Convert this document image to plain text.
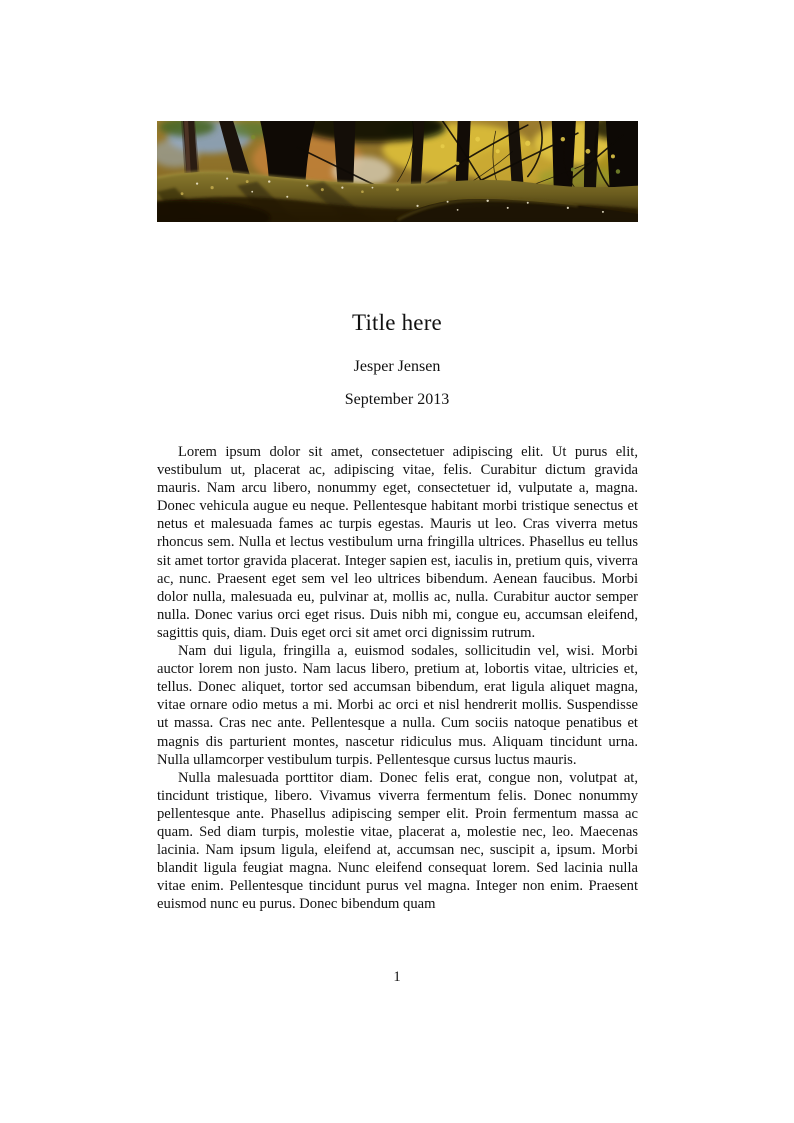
Title here
Jesper Jensen
September 2013

Lorem ipsum dolor sit amet, consectetuer adipiscing elit. Ut purus elit, vestibulum ut, placerat ac, adipiscing vitae, felis. Curabitur dictum gravida mauris. Nam arcu libero, nonummy eget, consectetuer id, vulputate a, magna. Donec vehicula augue eu neque. Pellentesque habitant morbi tristique senectus et netus et malesuada fames ac turpis egestas. Mauris ut leo. Cras viverra metus rhoncus sem. Nulla et lectus vestibulum urna fringilla ultrices. Phasellus eu tellus sit amet tortor gravida placerat. Integer sapien est, iaculis in, pretium quis, viverra ac, nunc. Praesent eget sem vel leo ultrices bibendum. Aenean faucibus. Morbi dolor nulla, malesuada eu, pulvinar at, mollis ac, nulla. Curabitur auctor semper nulla. Donec varius orci eget risus. Duis nibh mi, congue eu, accumsan eleifend, sagittis quis, diam. Duis eget orci sit amet orci dignissim rutrum.

Nam dui ligula, fringilla a, euismod sodales, sollicitudin vel, wisi. Morbi auctor lorem non justo. Nam lacus libero, pretium at, lobortis vitae, ultricies et, tellus. Donec aliquet, tortor sed accumsan bibendum, erat ligula aliquet magna, vitae ornare odio metus a mi. Morbi ac orci et nisl hendrerit mollis. Suspendisse ut massa. Cras nec ante. Pellentesque a nulla. Cum sociis natoque penatibus et magnis dis parturient montes, nascetur ridiculus mus. Aliquam tincidunt urna. Nulla ullamcorper vestibulum turpis. Pellentesque cursus luctus mauris.

Nulla malesuada porttitor diam. Donec felis erat, congue non, volutpat at, tincidunt tristique, libero. Vivamus viverra fermentum felis. Donec nonummy pellentesque ante. Phasellus adipiscing semper elit. Proin fermentum massa ac quam. Sed diam turpis, molestie vitae, placerat a, molestie nec, leo. Maecenas lacinia. Nam ipsum ligula, eleifend at, accumsan nec, suscipit a, ipsum. Morbi blandit ligula feugiat magna. Nunc eleifend consequat lorem. Sed lacinia nulla vitae enim. Pellentesque tincidunt purus vel magna. Integer non enim. Praesent euismod nunc eu purus. Donec bibendum quam

1
